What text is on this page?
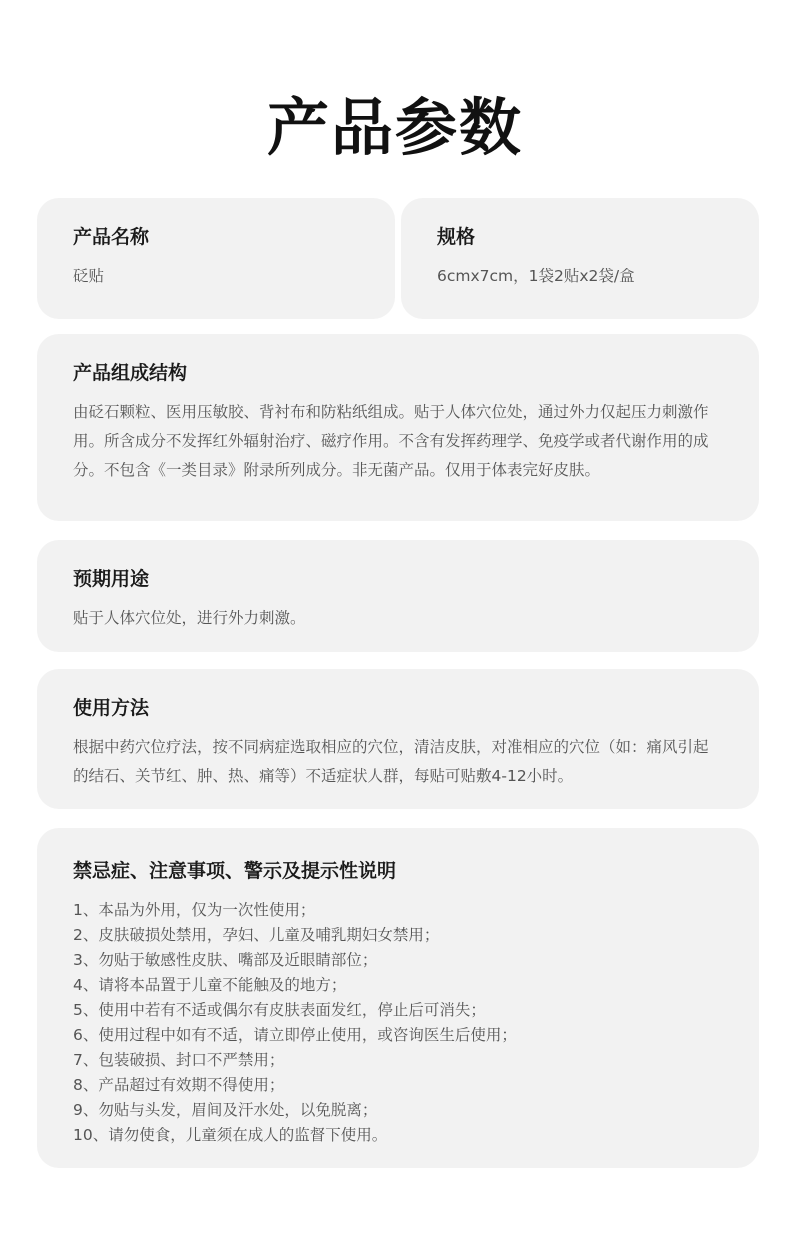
产品参数
产品名称
砭贴
规格
6cmx7cm，1袋2贴x2袋/盒
产品组成结构
由砭石颗粒、医用压敏胶、背衬布和防粘纸组成。贴于人体穴位处，通过外力仅起压力刺激作用。所含成分不发挥红外辐射治疗、磁疗作用。不含有发挥药理学、免疫学或者代谢作用的成分。不包含《一类目录》附录所列成分。非无菌产品。仅用于体表完好皮肤。
预期用途
贴于人体穴位处，进行外力刺激。
使用方法
根据中药穴位疗法，按不同病症选取相应的穴位，清洁皮肤，对准相应的穴位（如：痛风引起的结石、关节红、肿、热、痛等）不适症状人群，每贴可贴敷4-12小时。
禁忌症、注意事项、警示及提示性说明
1、本品为外用，仅为一次性使用；
2、皮肤破损处禁用，孕妇、儿童及哺乳期妇女禁用；
3、勿贴于敏感性皮肤、嘴部及近眼睛部位；
4、请将本品置于儿童不能触及的地方；
5、使用中若有不适或偶尔有皮肤表面发红，停止后可消失；
6、使用过程中如有不适，请立即停止使用，或咨询医生后使用；
7、包装破损、封口不严禁用；
8、产品超过有效期不得使用；
9、勿贴与头发，眉间及汗水处，以免脱离；
10、请勿使食，儿童须在成人的监督下使用。
